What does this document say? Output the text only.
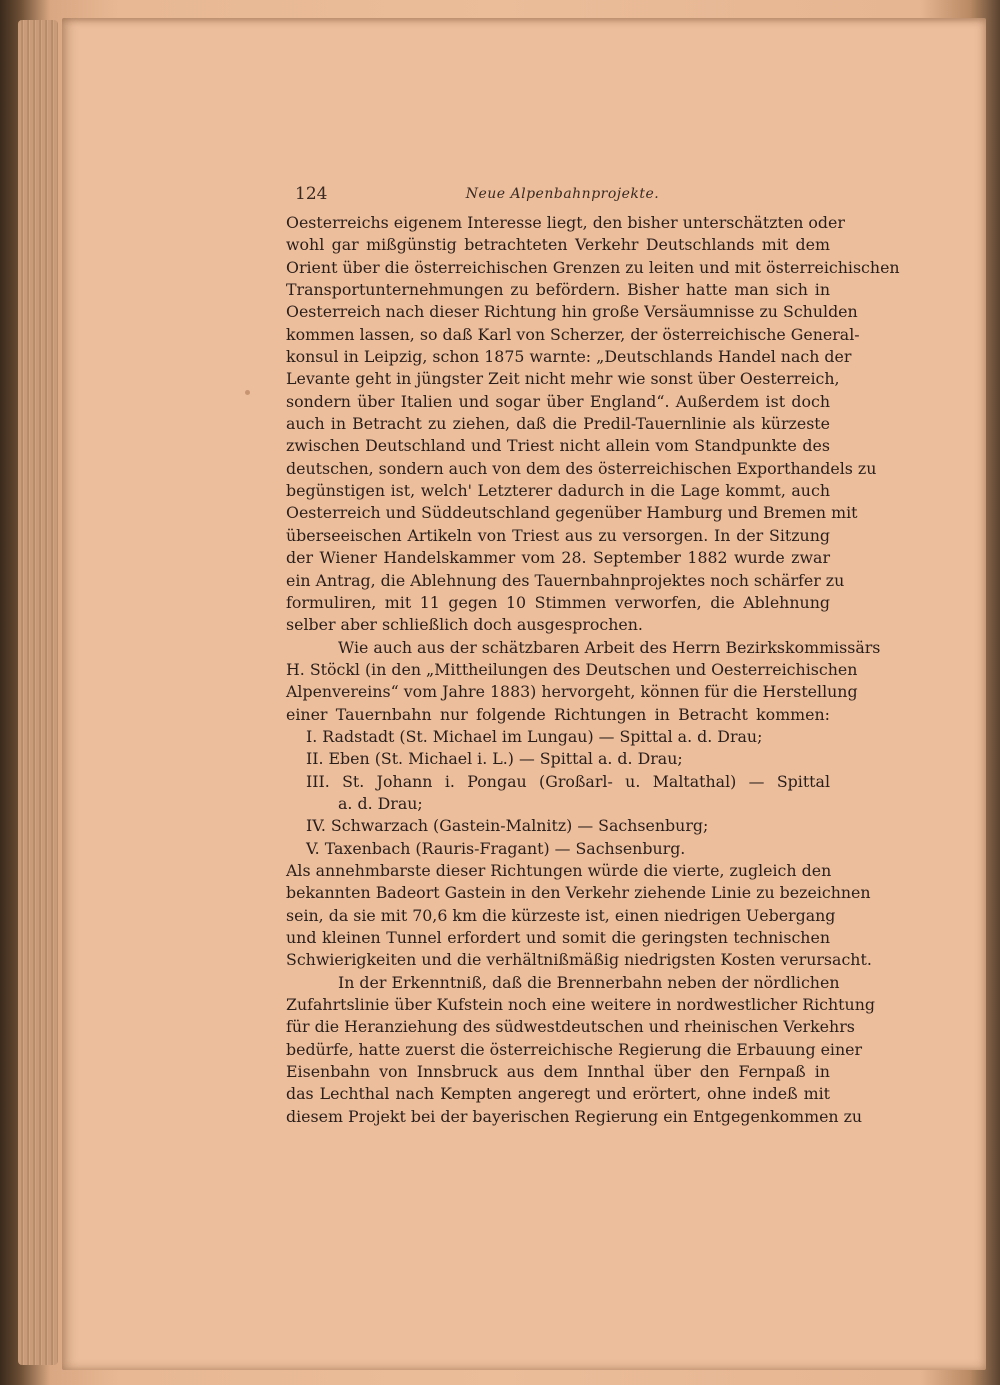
124	Neue Alpenbahnprojekte.
Oesterreichs eigenem Interesse liegt, den bisher unterschätzten oder
wohl gar mißgünstig betrachteten Verkehr Deutschlands mit dem
Orient über die österreichischen Grenzen zu leiten und mit österreichischen
Transportunternehmungen zu befördern. Bisher hatte man sich in
Oesterreich nach dieser Richtung hin große Versäumnisse zu Schulden
kommen lassen, so daß Karl von Scherzer, der österreichische General-
konsul in Leipzig, schon 1875 warnte: „Deutschlands Handel nach der
Levante geht in jüngster Zeit nicht mehr wie sonst über Oesterreich,
sondern über Italien und sogar über England“. Außerdem ist doch
auch in Betracht zu ziehen, daß die Predil-Tauernlinie als kürzeste
zwischen Deutschland und Triest nicht allein vom Standpunkte des
deutschen, sondern auch von dem des österreichischen Exporthandels zu
begünstigen ist, welch' Letzterer dadurch in die Lage kommt, auch
Oesterreich und Süddeutschland gegenüber Hamburg und Bremen mit
überseeischen Artikeln von Triest aus zu versorgen. In der Sitzung
der Wiener Handelskammer vom 28. September 1882 wurde zwar
ein Antrag, die Ablehnung des Tauernbahnprojektes noch schärfer zu
formuliren, mit 11 gegen 10 Stimmen verworfen, die Ablehnung
selber aber schließlich doch ausgesprochen.
Wie auch aus der schätzbaren Arbeit des Herrn Bezirkskommissärs
H. Stöckl (in den „Mittheilungen des Deutschen und Oesterreichischen
Alpenvereins“ vom Jahre 1883) hervorgeht, können für die Herstellung
einer Tauernbahn nur folgende Richtungen in Betracht kommen:
I. Radstadt (St. Michael im Lungau) — Spittal a. d. Drau;
II. Eben (St. Michael i. L.) — Spittal a. d. Drau;
III. St. Johann i. Pongau (Großarl- u. Maltathal) — Spittal
a. d. Drau;
IV. Schwarzach (Gastein-Malnitz) — Sachsenburg;
V. Taxenbach (Rauris-Fragant) — Sachsenburg.
Als annehmbarste dieser Richtungen würde die vierte, zugleich den
bekannten Badeort Gastein in den Verkehr ziehende Linie zu bezeichnen
sein, da sie mit 70,6 km die kürzeste ist, einen niedrigen Uebergang
und kleinen Tunnel erfordert und somit die geringsten technischen
Schwierigkeiten und die verhältnißmäßig niedrigsten Kosten verursacht.
In der Erkenntniß, daß die Brennerbahn neben der nördlichen
Zufahrtslinie über Kufstein noch eine weitere in nordwestlicher Richtung
für die Heranziehung des südwestdeutschen und rheinischen Verkehrs
bedürfe, hatte zuerst die österreichische Regierung die Erbauung einer
Eisenbahn von Innsbruck aus dem Innthal über den Fernpaß in
das Lechthal nach Kempten angeregt und erörtert, ohne indeß mit
diesem Projekt bei der bayerischen Regierung ein Entgegenkommen zu
